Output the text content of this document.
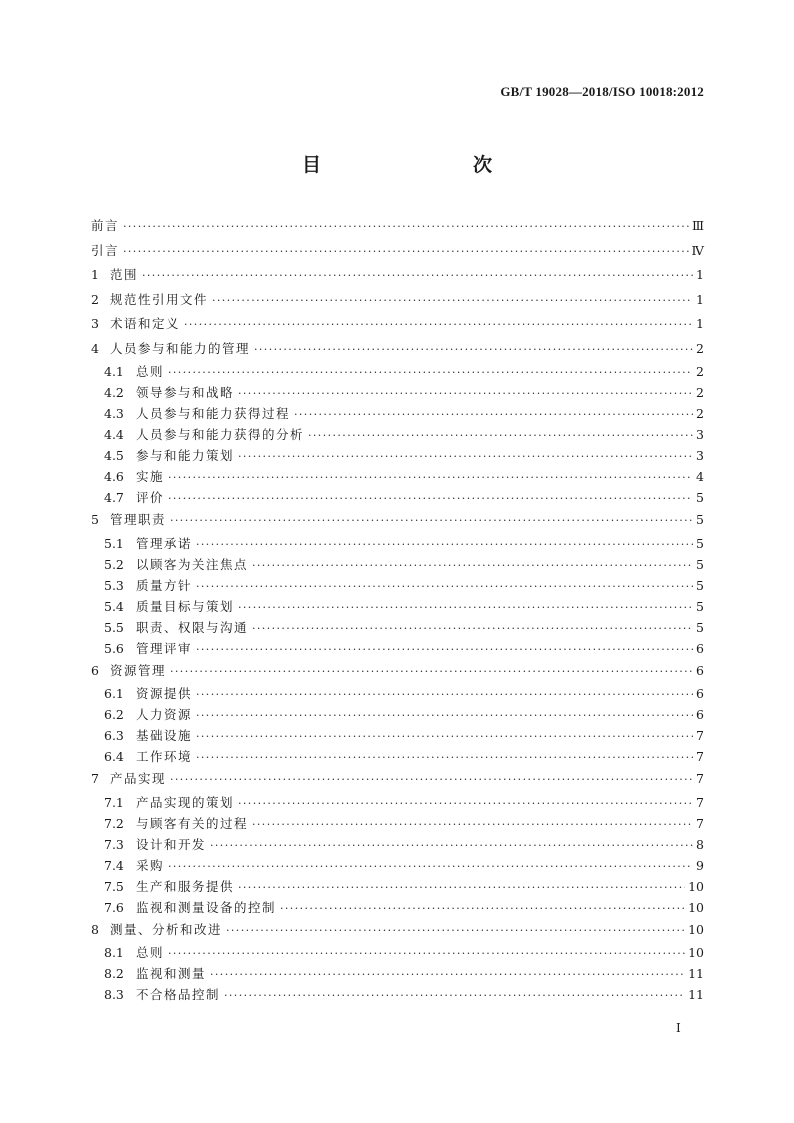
GB/T 19028—2018/ISO 10018:2012
目　　次
前言 ·····	Ⅲ
引言 ·····	Ⅳ
1 范围 ·····	1
2 规范性引用文件 ·····	1
3 术语和定义 ·····	1
4 人员参与和能力的管理 ·····	2
4.1 总则 ·····	2
4.2 领导参与和战略 ·····	2
4.3 人员参与和能力获得过程 ·····	2
4.4 人员参与和能力获得的分析 ·····	3
4.5 参与和能力策划 ·····	3
4.6 实施 ·····	4
4.7 评价 ·····	5
5 管理职责 ·····	5
5.1 管理承诺 ·····	5
5.2 以顾客为关注焦点 ·····	5
5.3 质量方针 ·····	5
5.4 质量目标与策划 ·····	5
5.5 职责、权限与沟通 ·····	5
5.6 管理评审 ·····	6
6 资源管理 ·····	6
6.1 资源提供 ·····	6
6.2 人力资源 ·····	6
6.3 基础设施 ·····	7
6.4 工作环境 ·····	7
7 产品实现 ·····	7
7.1 产品实现的策划 ·····	7
7.2 与顾客有关的过程 ·····	7
7.3 设计和开发 ·····	8
7.4 采购 ·····	9
7.5 生产和服务提供 ·····	10
7.6 监视和测量设备的控制 ·····	10
8 测量、分析和改进 ·····	10
8.1 总则 ·····	10
8.2 监视和测量 ·····	11
8.3 不合格品控制 ·····	11
I
